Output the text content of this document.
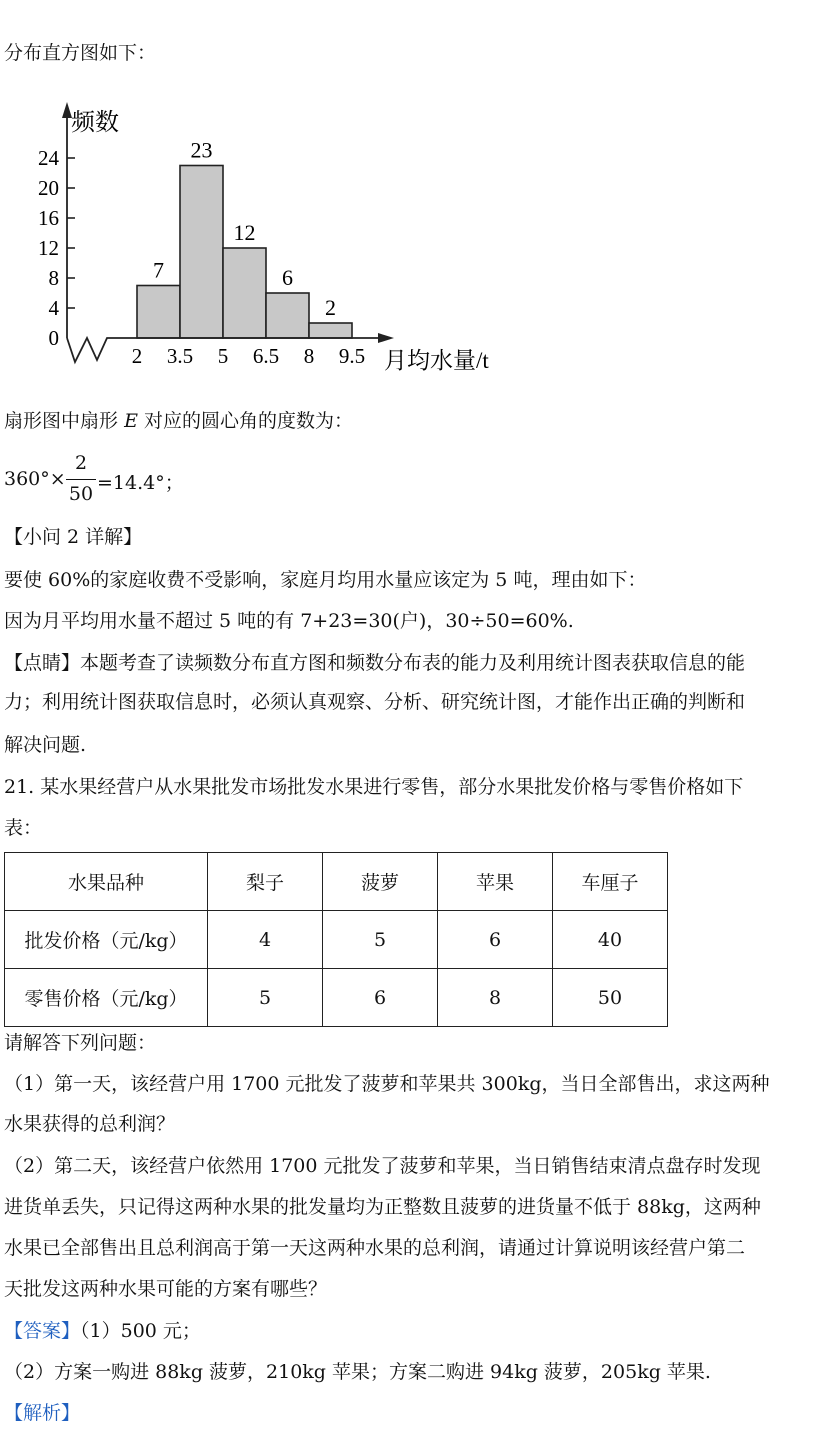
分布直方图如下：
7
23
12
6
2
0
4
8
12
16
20
24
2 3.5 5 6.5 8 9.5
频数
月均水量/t
扇形图中扇形 E 对应的圆心角的度数为：
360°×
2
50 =14.4°；
【小问 2 详解】
要使 60%的家庭收费不受影响，家庭月均用水量应该定为 5 吨，理由如下：
因为月平均用水量不超过 5 吨的有 7+23=30(户)，30÷50=60%.
【点睛】本题考查了读频数分布直方图和频数分布表的能力及利用统计图表获取信息的能
力；利用统计图获取信息时，必须认真观察、分析、研究统计图，才能作出正确的判断和
解决问题.
21. 某水果经营户从水果批发市场批发水果进行零售，部分水果批发价格与零售价格如下
表：
水果品种	梨子	菠萝	苹果	车厘子
批发价格（元/kg）	4	5	6	40
零售价格（元/kg）	5	6	8	50
请解答下列问题：
（1）第一天，该经营户用 1700 元批发了菠萝和苹果共 300kg，当日全部售出，求这两种
水果获得的总利润？
（2）第二天，该经营户依然用 1700 元批发了菠萝和苹果，当日销售结束清点盘存时发现
进货单丢失，只记得这两种水果的批发量均为正整数且菠萝的进货量不低于 88kg，这两种
水果已全部售出且总利润高于第一天这两种水果的总利润，请通过计算说明该经营户第二
天批发这两种水果可能的方案有哪些？
【答案】（1）500 元；
（2）方案一购进 88kg 菠萝，210kg 苹果；方案二购进 94kg 菠萝，205kg 苹果.
【解析】
